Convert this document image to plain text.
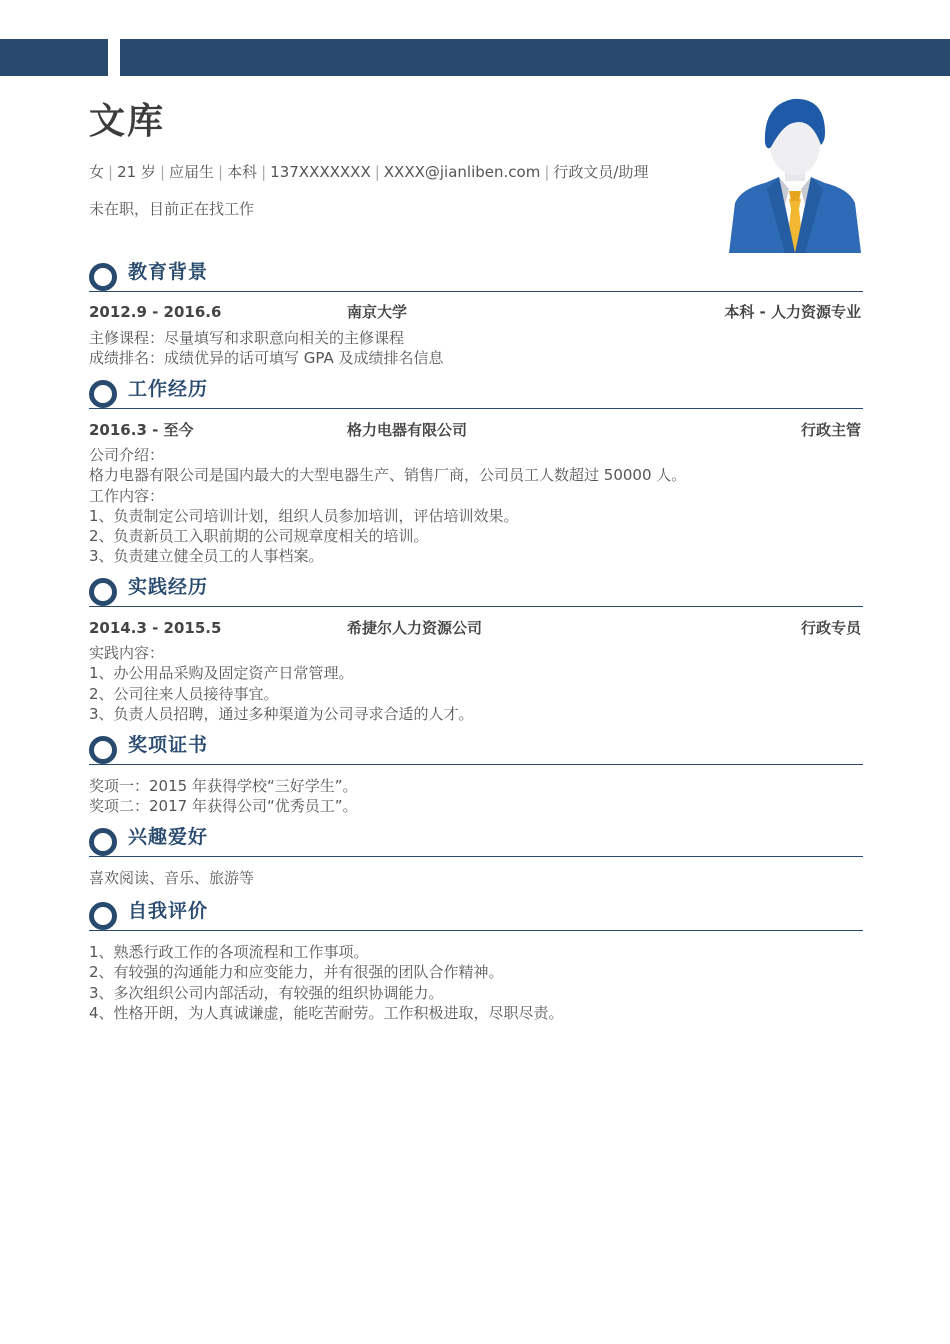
文库
女 | 21 岁 | 应届生 | 本科 | 137XXXXXXX | XXXX@jianliben.com | 行政文员/助理
未在职，目前正在找工作
教育背景
2012.9 - 2016.6	南京大学	本科 - 人力资源专业
主修课程：尽量填写和求职意向相关的主修课程
成绩排名：成绩优异的话可填写 GPA 及成绩排名信息
工作经历
2016.3 - 至今	格力电器有限公司	行政主管
公司介绍：
格力电器有限公司是国内最大的大型电器生产、销售厂商，公司员工人数超过 50000 人。
工作内容：
1、负责制定公司培训计划，组织人员参加培训，评估培训效果。
2、负责新员工入职前期的公司规章度相关的培训。
3、负责建立健全员工的人事档案。
实践经历
2014.3 - 2015.5	希捷尔人力资源公司	行政专员
实践内容：
1、办公用品采购及固定资产日常管理。
2、公司往来人员接待事宜。
3、负责人员招聘，通过多种渠道为公司寻求合适的人才。
奖项证书
奖项一：2015 年获得学校“三好学生”。
奖项二：2017 年获得公司“优秀员工”。
兴趣爱好
喜欢阅读、音乐、旅游等
自我评价
1、熟悉行政工作的各项流程和工作事项。
2、有较强的沟通能力和应变能力，并有很强的团队合作精神。
3、多次组织公司内部活动，有较强的组织协调能力。
4、性格开朗，为人真诚谦虚，能吃苦耐劳。工作积极进取，尽职尽责。
